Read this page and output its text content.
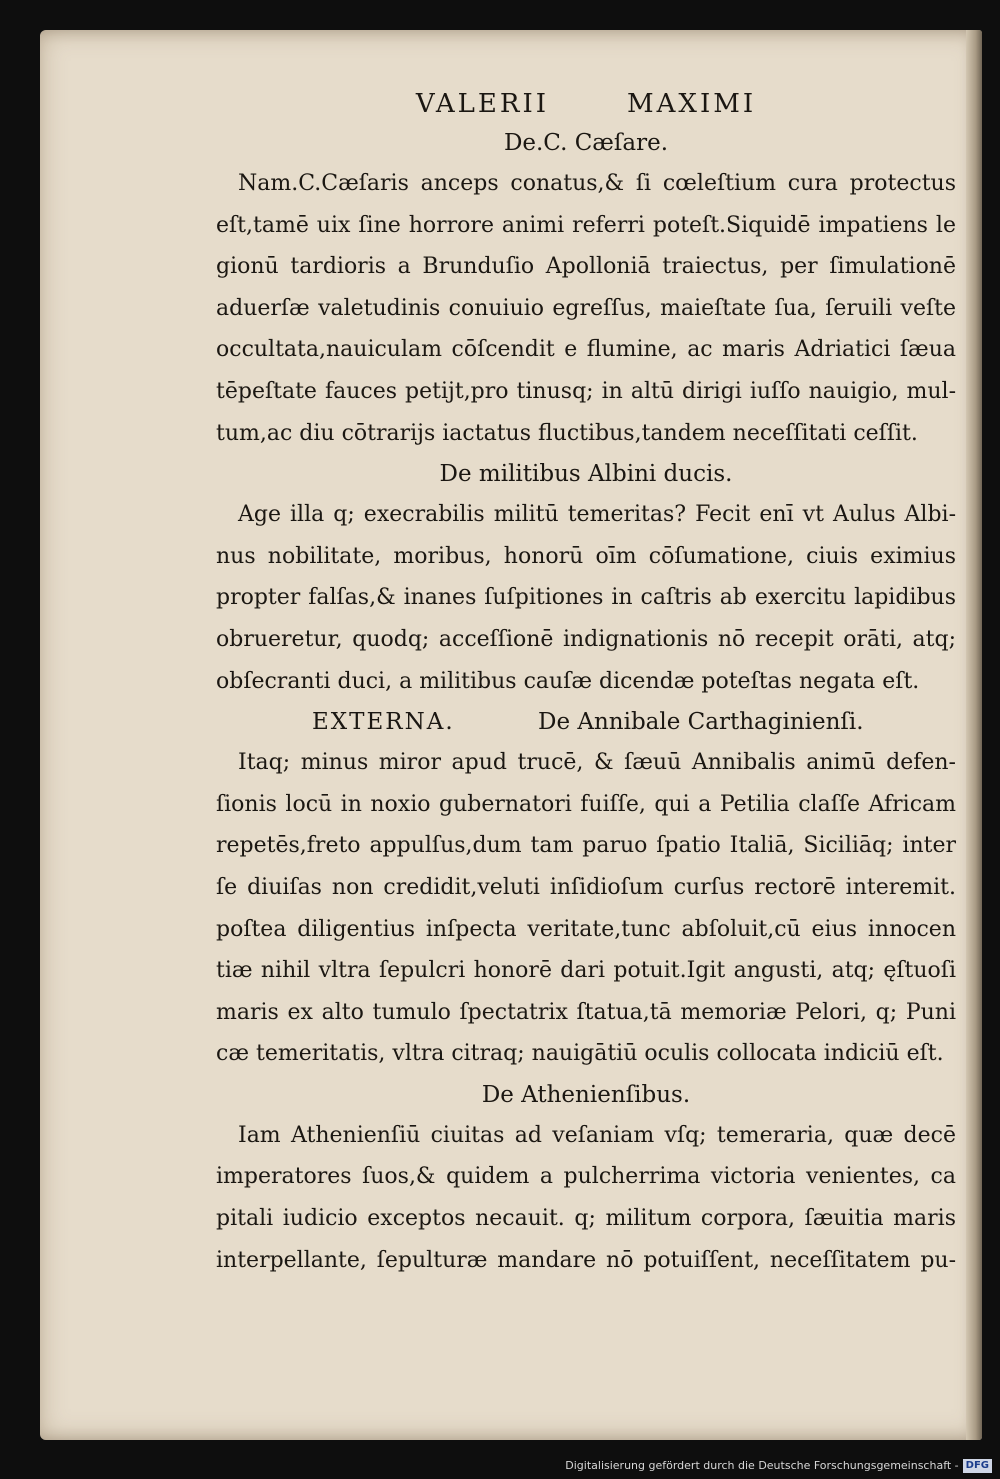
VALERII	MAXIMI
De.C. Cæſare.
Nam.C.Cæſaris anceps conatus,& ſi cœleſtium cura protectus
eſt,tamē uix ſine horrore animi referri poteſt.Siquidē impatiens le
gionū tardioris a Brunduſio Apolloniā traiectus, per ſimulationē
aduerſæ valetudinis conuiuio egreſſus, maieſtate ſua, ſeruili veſte
occultata,nauiculam cōſcendit e flumine, ac maris Adriatici ſæua
tēpeſtate fauces petijt,pro tinusq; in altū dirigi iuſſo nauigio, mul-
tum,ac diu cōtrarijs iactatus fluctibus,tandem neceſſitati ceſſit.
De militibus Albini ducis.
Age illa q; execrabilis militū temeritas? Fecit enī vt Aulus Albi-
nus nobilitate, moribus, honorū oīm cōſumatione, ciuis eximius
propter falſas,& inanes ſuſpitiones in caſtris ab exercitu lapidibus
obrueretur, quodq; acceſſionē indignationis nō recepit orāti, atq;
obſecranti duci, a militibus cauſæ dicendæ poteſtas negata eſt.
EXTERNA.	De Annibale Carthaginienſi.
Itaq; minus miror apud trucē, & ſæuū Annibalis animū defen-
ſionis locū in noxio gubernatori fuiſſe, qui a Petilia claſſe Africam
repetēs,freto appulſus,dum tam paruo ſpatio Italiā, Siciliāq; inter
ſe diuiſas non credidit,veluti inſidioſum curſus rectorē interemit.
poſtea diligentius inſpecta veritate,tunc abſoluit,cū eius innocen
tiæ nihil vltra ſepulcri honorē dari potuit.Igit angusti, atq; ęſtuoſi
maris ex alto tumulo ſpectatrix ſtatua,tā memoriæ Pelori, q; Puni
cæ temeritatis, vltra citraq; nauigātiū oculis collocata indiciū eſt.
De Athenienſibus.
Iam Athenienſiū ciuitas ad veſaniam vſq; temeraria, quæ decē
imperatores ſuos,& quidem a pulcherrima victoria venientes, ca
pitali iudicio exceptos necauit. q; militum corpora, ſæuitia maris
interpellante, ſepulturæ mandare nō potuiſſent, neceſſitatem pu-
Digitalisierung gefördert durch die Deutsche Forschungsgemeinschaft - DFG
